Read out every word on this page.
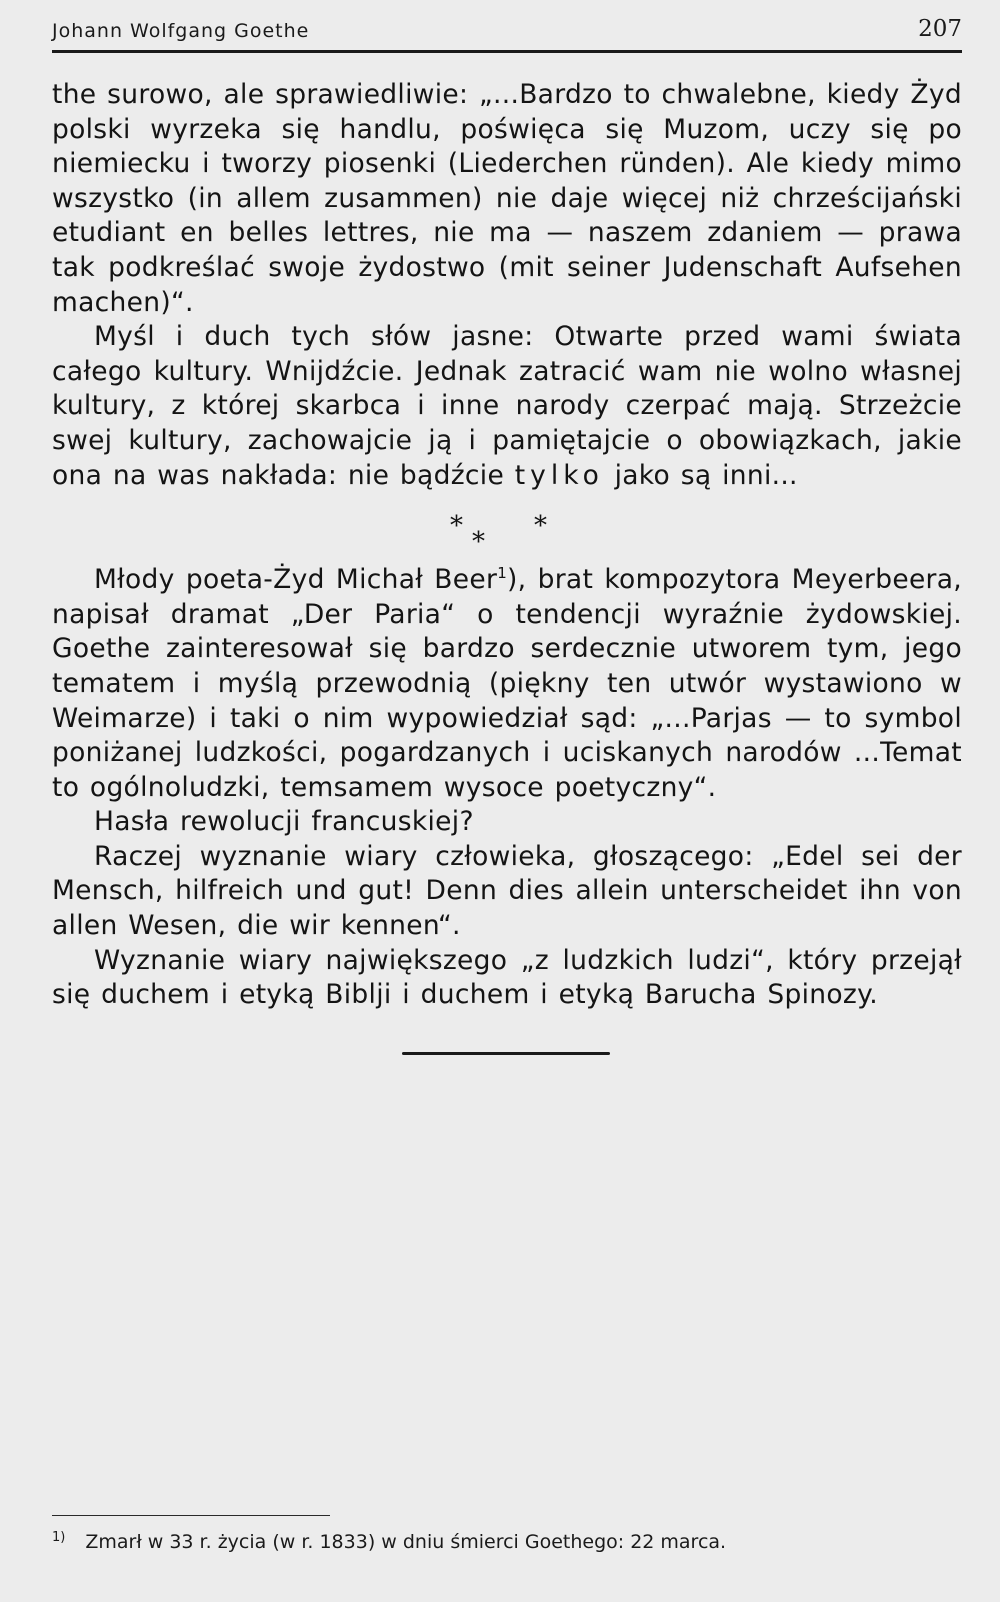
Johann Wolfgang Goethe	207

the surowo, ale sprawiedliwie: „...Bardzo to chwalebne, kiedy Żyd polski wyrzeka się handlu, poświęca się Muzom, uczy się po niemiecku i tworzy piosenki (Liederchen ründen). Ale kiedy mimo wszystko (in allem zusammen) nie daje więcej niż chrześcijański etudiant en belles lettres, nie ma — naszem zdaniem — prawa tak podkreślać swoje żydostwo (mit seiner Judenschaft Aufsehen machen)“.

Myśl i duch tych słów jasne: Otwarte przed wami świata całego kultury. Wnijdźcie. Jednak zatracić wam nie wolno własnej kultury, z której skarbca i inne narody czerpać mają. Strzeżcie swej kultury, zachowajcie ją i pamiętajcie o obowiązkach, jakie ona na was nakłada: nie bądźcie tylko jako są inni...

*
*
*

Młody poeta-Żyd Michał Beer$^1$), brat kompozytora Meyerbeera, napisał dramat „Der Paria“ o tendencji wyraźnie żydowskiej. Goethe zainteresował się bardzo serdecznie utworem tym, jego tematem i myślą przewodnią (piękny ten utwór wystawiono w Weimarze) i taki o nim wypowiedział sąd: „...Parjas — to symbol poniżanej ludzkości, pogardzanych i uciskanych narodów ...Temat to ogólnoludzki, temsamem wysoce poetyczny“.

Hasła rewolucji francuskiej?

Raczej wyznanie wiary człowieka, głoszącego: „Edel sei der Mensch, hilfreich und gut! Denn dies allein unterscheidet ihn von allen Wesen, die wir kennen“.

Wyznanie wiary największego „z ludzkich ludzi“, który przejął się duchem i etyką Biblji i duchem i etyką Barucha Spinozy.

$^{1)}$ Zmarł w 33 r. życia (w r. 1833) w dniu śmierci Goethego: 22 marca.
